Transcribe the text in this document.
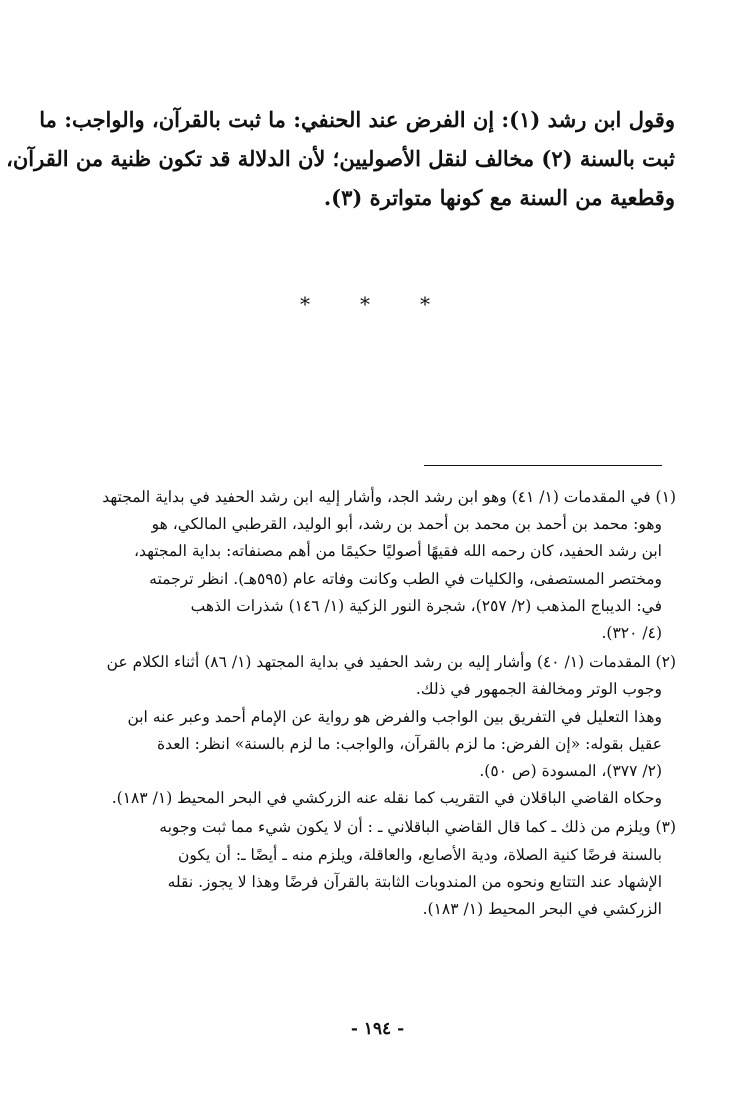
وقول ابن رشد (١): إن الفرض عند الحنفي: ما ثبت بالقرآن، والواجب: ما
ثبت بالسنة (٢) مخالف لنقل الأصوليين؛ لأن الدلالة قد تكون ظنية من القرآن،
وقطعية من السنة مع كونها متواترة (٣).
*	*	*
(١) في المقدمات (١/ ٤١) وهو ابن رشد الجد، وأشار إليه ابن رشد الحفيد في بداية المجتهد
وهو: محمد بن أحمد بن محمد بن أحمد بن رشد، أبو الوليد، القرطبي المالكي، هو
ابن رشد الحفيد، كان رحمه الله فقيهًا أصوليًا حكيمًا من أهم مصنفاته: بداية المجتهد،
ومختصر المستصفى، والكليات في الطب وكانت وفاته عام (٥٩٥هـ). انظر ترجمته
في: الديباج المذهب (٢/ ٢٥٧)، شجرة النور الزكية (١/ ١٤٦) شذرات الذهب
(٤/ ٣٢٠).
(٢) المقدمات (١/ ٤٠) وأشار إليه بن رشد الحفيد في بداية المجتهد (١/ ٨٦) أثناء الكلام عن
وجوب الوتر ومخالفة الجمهور في ذلك.
وهذا التعليل في التفريق بين الواجب والفرض هو رواية عن الإمام أحمد وعبر عنه ابن
عقيل بقوله: «إن الفرض: ما لزم بالقرآن، والواجب: ما لزم بالسنة» انظر: العدة
(٢/ ٣٧٧)، المسودة (ص ٥٠).
وحكاه القاضي الباقلان في التقريب كما نقله عنه الزركشي في البحر المحيط (١/ ١٨٣).
(٣) ويلزم من ذلك ـ كما قال القاضي الباقلاني ـ : أن لا يكون شيء مما ثبت وجوبه
بالسنة فرضًا كنية الصلاة، ودية الأصابع، والعاقلة، ويلزم منه ـ أيضًا ـ: أن يكون
الإشهاد عند التتابع ونحوه من المندوبات الثابتة بالقرآن فرضًا وهذا لا يجوز. نقله
الزركشي في البحر المحيط (١/ ١٨٣).
- ١٩٤ -
